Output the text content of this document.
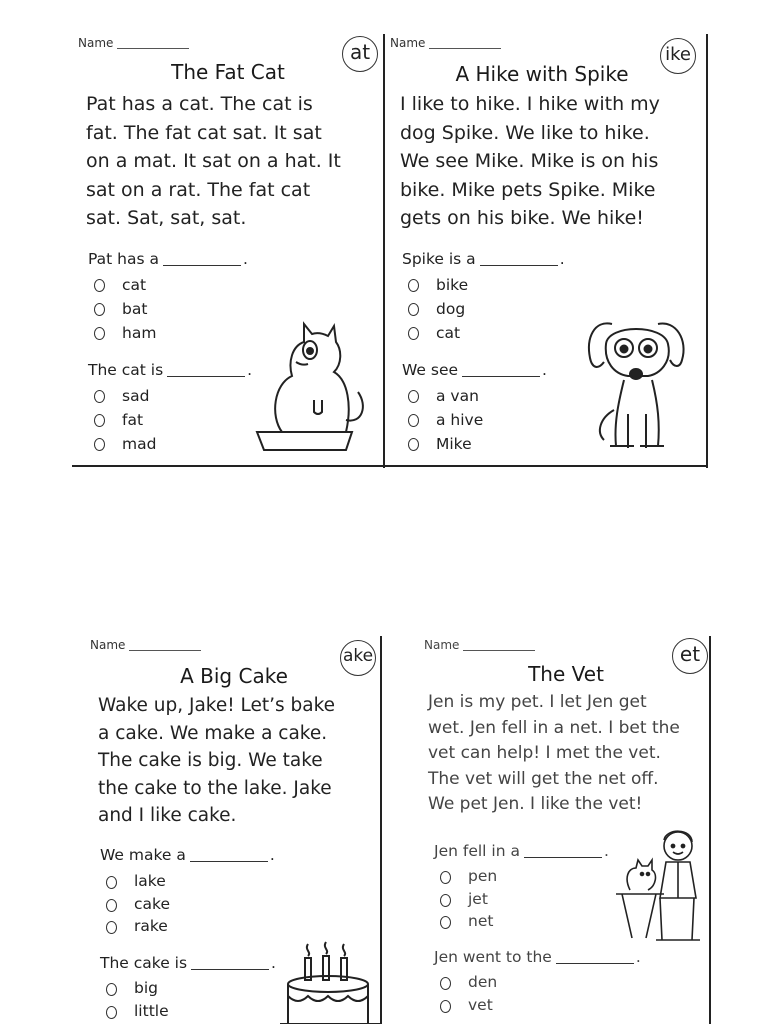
Name	at
The Fat Cat
Pat has a cat. The cat is
fat. The fat cat sat. It sat
on a mat. It sat on a hat. It
sat on a rat. The fat cat
sat. Sat, sat, sat.
Pat has a	.
cat
bat
ham
The cat is	.
sad
fat
mad
Name
ike
A Hike with Spike
I like to hike. I hike with my
dog Spike. We like to hike.
We see Mike. Mike is on his
bike. Mike pets Spike. Mike
gets on his bike. We hike!
Spike is a	.
bike
dog
cat
We see	.
a van
a hive
Mike
Name
ake
A Big Cake
Wake up, Jake! Let’s bake
a cake. We make a cake.
The cake is big. We take
the cake to the lake. Jake
and I like cake.
We make a	.
lake
cake
rake
The cake is	.
big
little
Name	et
The Vet
Jen is my pet. I let Jen get
wet. Jen fell in a net. I bet the
vet can help! I met the vet.
The vet will get the net off.
We pet Jen. I like the vet!
Jen fell in a	.
pen
jet
net
Jen went to the	.
den
vet
